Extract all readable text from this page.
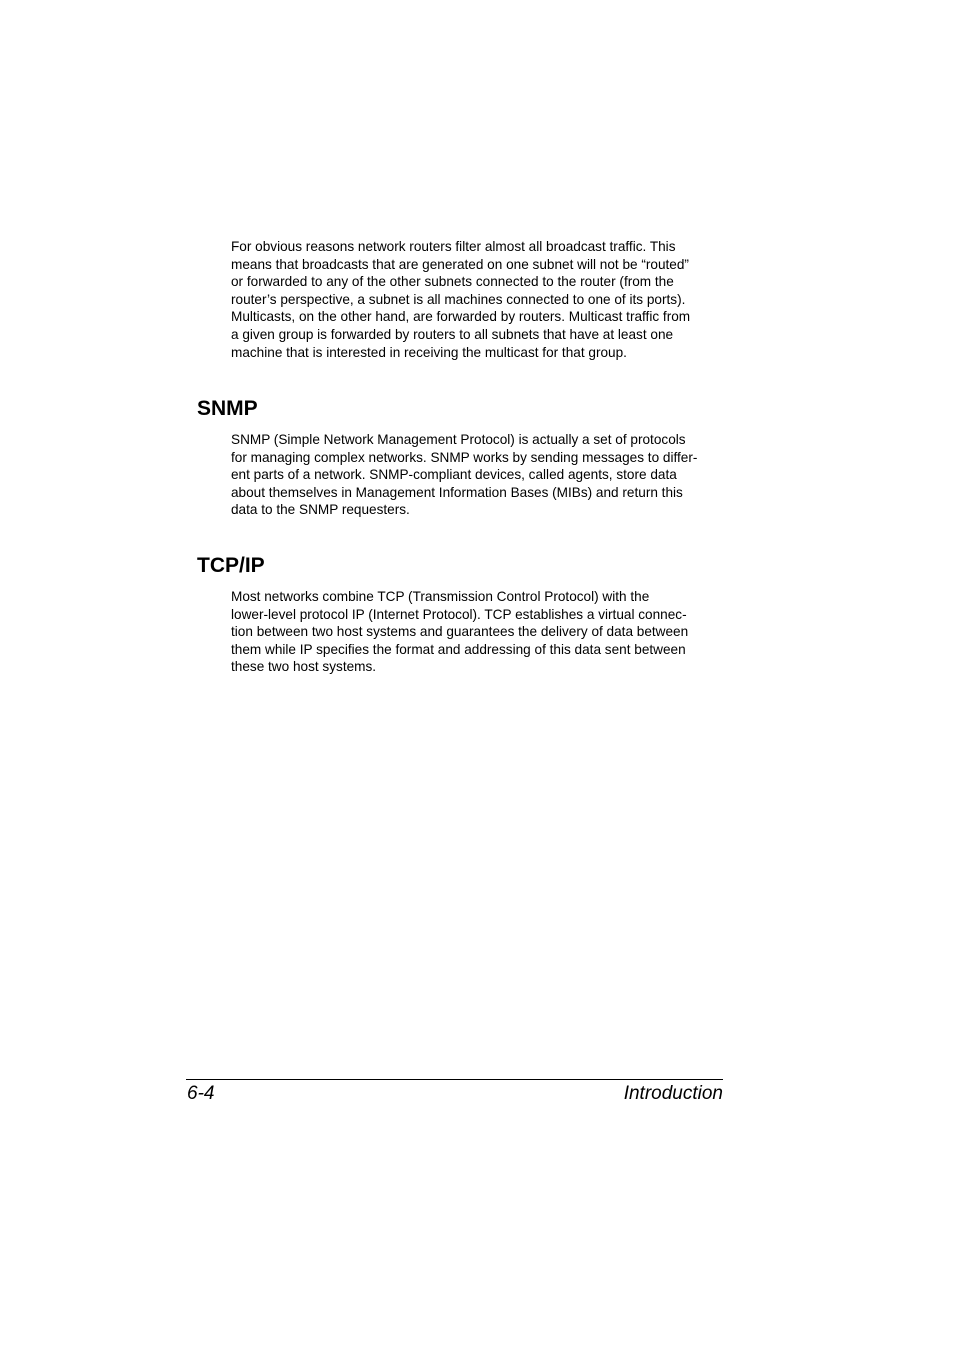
For obvious reasons network routers filter almost all broadcast traffic. This
means that broadcasts that are generated on one subnet will not be “routed”
or forwarded to any of the other subnets connected to the router (from the
router’s perspective, a subnet is all machines connected to one of its ports).
Multicasts, on the other hand, are forwarded by routers. Multicast traffic from
a given group is forwarded by routers to all subnets that have at least one
machine that is interested in receiving the multicast for that group.

SNMP

SNMP (Simple Network Management Protocol) is actually a set of protocols
for managing complex networks. SNMP works by sending messages to differ-
ent parts of a network. SNMP-compliant devices, called agents, store data
about themselves in Management Information Bases (MIBs) and return this
data to the SNMP requesters.

TCP/IP

Most networks combine TCP (Transmission Control Protocol) with the
lower-level protocol IP (Internet Protocol). TCP establishes a virtual connec-
tion between two host systems and guarantees the delivery of data between
them while IP specifies the format and addressing of this data sent between
these two host systems.

6-4	Introduction
